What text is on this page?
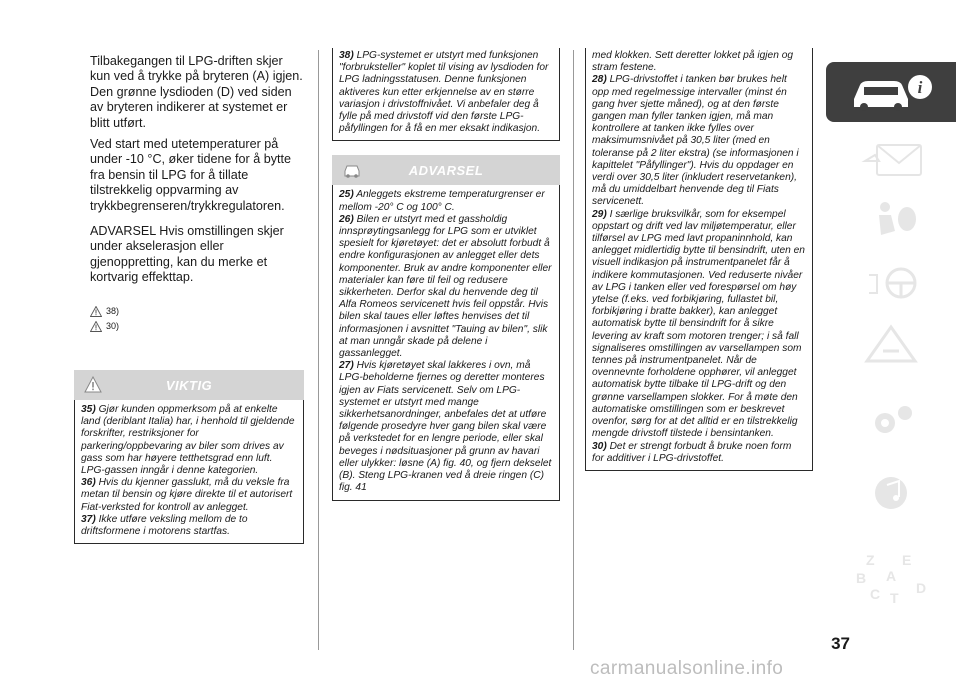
Tilbakegangen til LPG-driften skjer kun ved å trykke på bryteren (A) igjen. Den grønne lysdioden (D) ved siden av bryteren indikerer at systemet er blitt utført.

Ved start med utetemperaturer på under -10 °C, øker tidene for å bytte fra bensin til LPG for å tillate tilstrekkelig oppvarming av trykkbegrenseren/trykkregulatoren.

ADVARSEL Hvis omstillingen skjer under akselerasjon eller gjenoppretting, kan du merke et kortvarig effekttap.

38)
30)
VIKTIG

35) Gjør kunden oppmerksom på at enkelte land (deriblant Italia) har, i henhold til gjeldende forskrifter, restriksjoner for parkering/oppbevaring av biler som drives av gass som har høyere tetthetsgrad enn luft. LPG-gassen inngår i denne kategorien.

36) Hvis du kjenner gasslukt, må du veksle fra metan til bensin og kjøre direkte til et autorisert Fiat-verksted for kontroll av anlegget.

37) Ikke utføre veksling mellom de to driftsformene i motorens startfas.

38) LPG-systemet er utstyrt med funksjonen "forbruksteller" koplet til vising av lysdioden for LPG ladningsstatusen. Denne funksjonen aktiveres kun etter erkjennelse av en større variasjon i drivstoffnivået. Vi anbefaler deg å fylle på med drivstoff vid den første LPG-påfyllingen for å få en mer eksakt indikasjon.

ADVARSEL

25) Anleggets ekstreme temperaturgrenser er mellom -20° C og 100° C.

26) Bilen er utstyrt med et gassholdig innsprøytingsanlegg for LPG som er utviklet spesielt for kjøretøyet: det er absolutt forbudt å endre konfigurasjonen av anlegget eller dets komponenter. Bruk av andre komponenter eller materialer kan føre til feil og redusere sikkerheten. Derfor skal du henvende deg til Alfa Romeos servicenett hvis feil oppstår. Hvis bilen skal taues eller løftes henvises det til informasjonen i avsnittet "Tauing av bilen", slik at man unngår skade på delene i gassanlegget.

27) Hvis kjøretøyet skal lakkeres i ovn, må LPG-beholderne fjernes og deretter monteres igjen av Fiats servicenett. Selv om LPG-systemet er utstyrt med mange sikkerhetsanordninger, anbefales det at utføre følgende prosedyre hver gang bilen skal være på verkstedet for en lengre periode, eller skal beveges i nødsituasjoner på grunn av havari eller ulykker: løsne (A) fig. 40, og fjern dekselet (B). Steng LPG-kranen ved å dreie ringen (C) fig. 41

med klokken. Sett deretter lokket på igjen og stram festene.

28) LPG-drivstoffet i tanken bør brukes helt opp med regelmessige intervaller (minst én gang hver sjette måned), og at den første gangen man fyller tanken igjen, må man kontrollere at tanken ikke fylles over maksimumsnivået på 30,5 liter (med en toleranse på 2 liter ekstra) (se informasjonen i kapittelet "Påfyllinger"). Hvis du oppdager en verdi over 30,5 liter (inkludert reservetanken), må du umiddelbart henvende deg til Fiats servicenett.

29) I særlige bruksvilkår, som for eksempel oppstart og drift ved lav miljøtemperatur, eller tilførsel av LPG med lavt propaninnhold, kan anlegget midlertidig bytte til bensindrift, uten en visuell indikasjon på instrumentpanelet får å indikere kommutasjonen. Ved reduserte nivåer av LPG i tanken eller ved forespørsel om høy ytelse (f.eks. ved forbikjøring, fullastet bil, forbikjøring i bratte bakker), kan anlegget automatisk bytte til bensindrift for å sikre levering av kraft som motoren trenger; i så fall signaliseres omstillingen av varsellampen som tennes på instrumentpanelet. Når de ovennevnte forholdene opphører, vil anlegget automatisk bytte tilbake til LPG-drift og den grønne varsellampen slokker. For å møte den automatiske omstillingen som er beskrevet ovenfor, sørg for at det alltid er en tilstrekkelig mengde drivstoff tilstede i bensintanken.

30) Det er strengt forbudt å bruke noen form for additiver i LPG-drivstoffet.

i
Z E
A
B
C T
D
37
carmanualsonline.info
